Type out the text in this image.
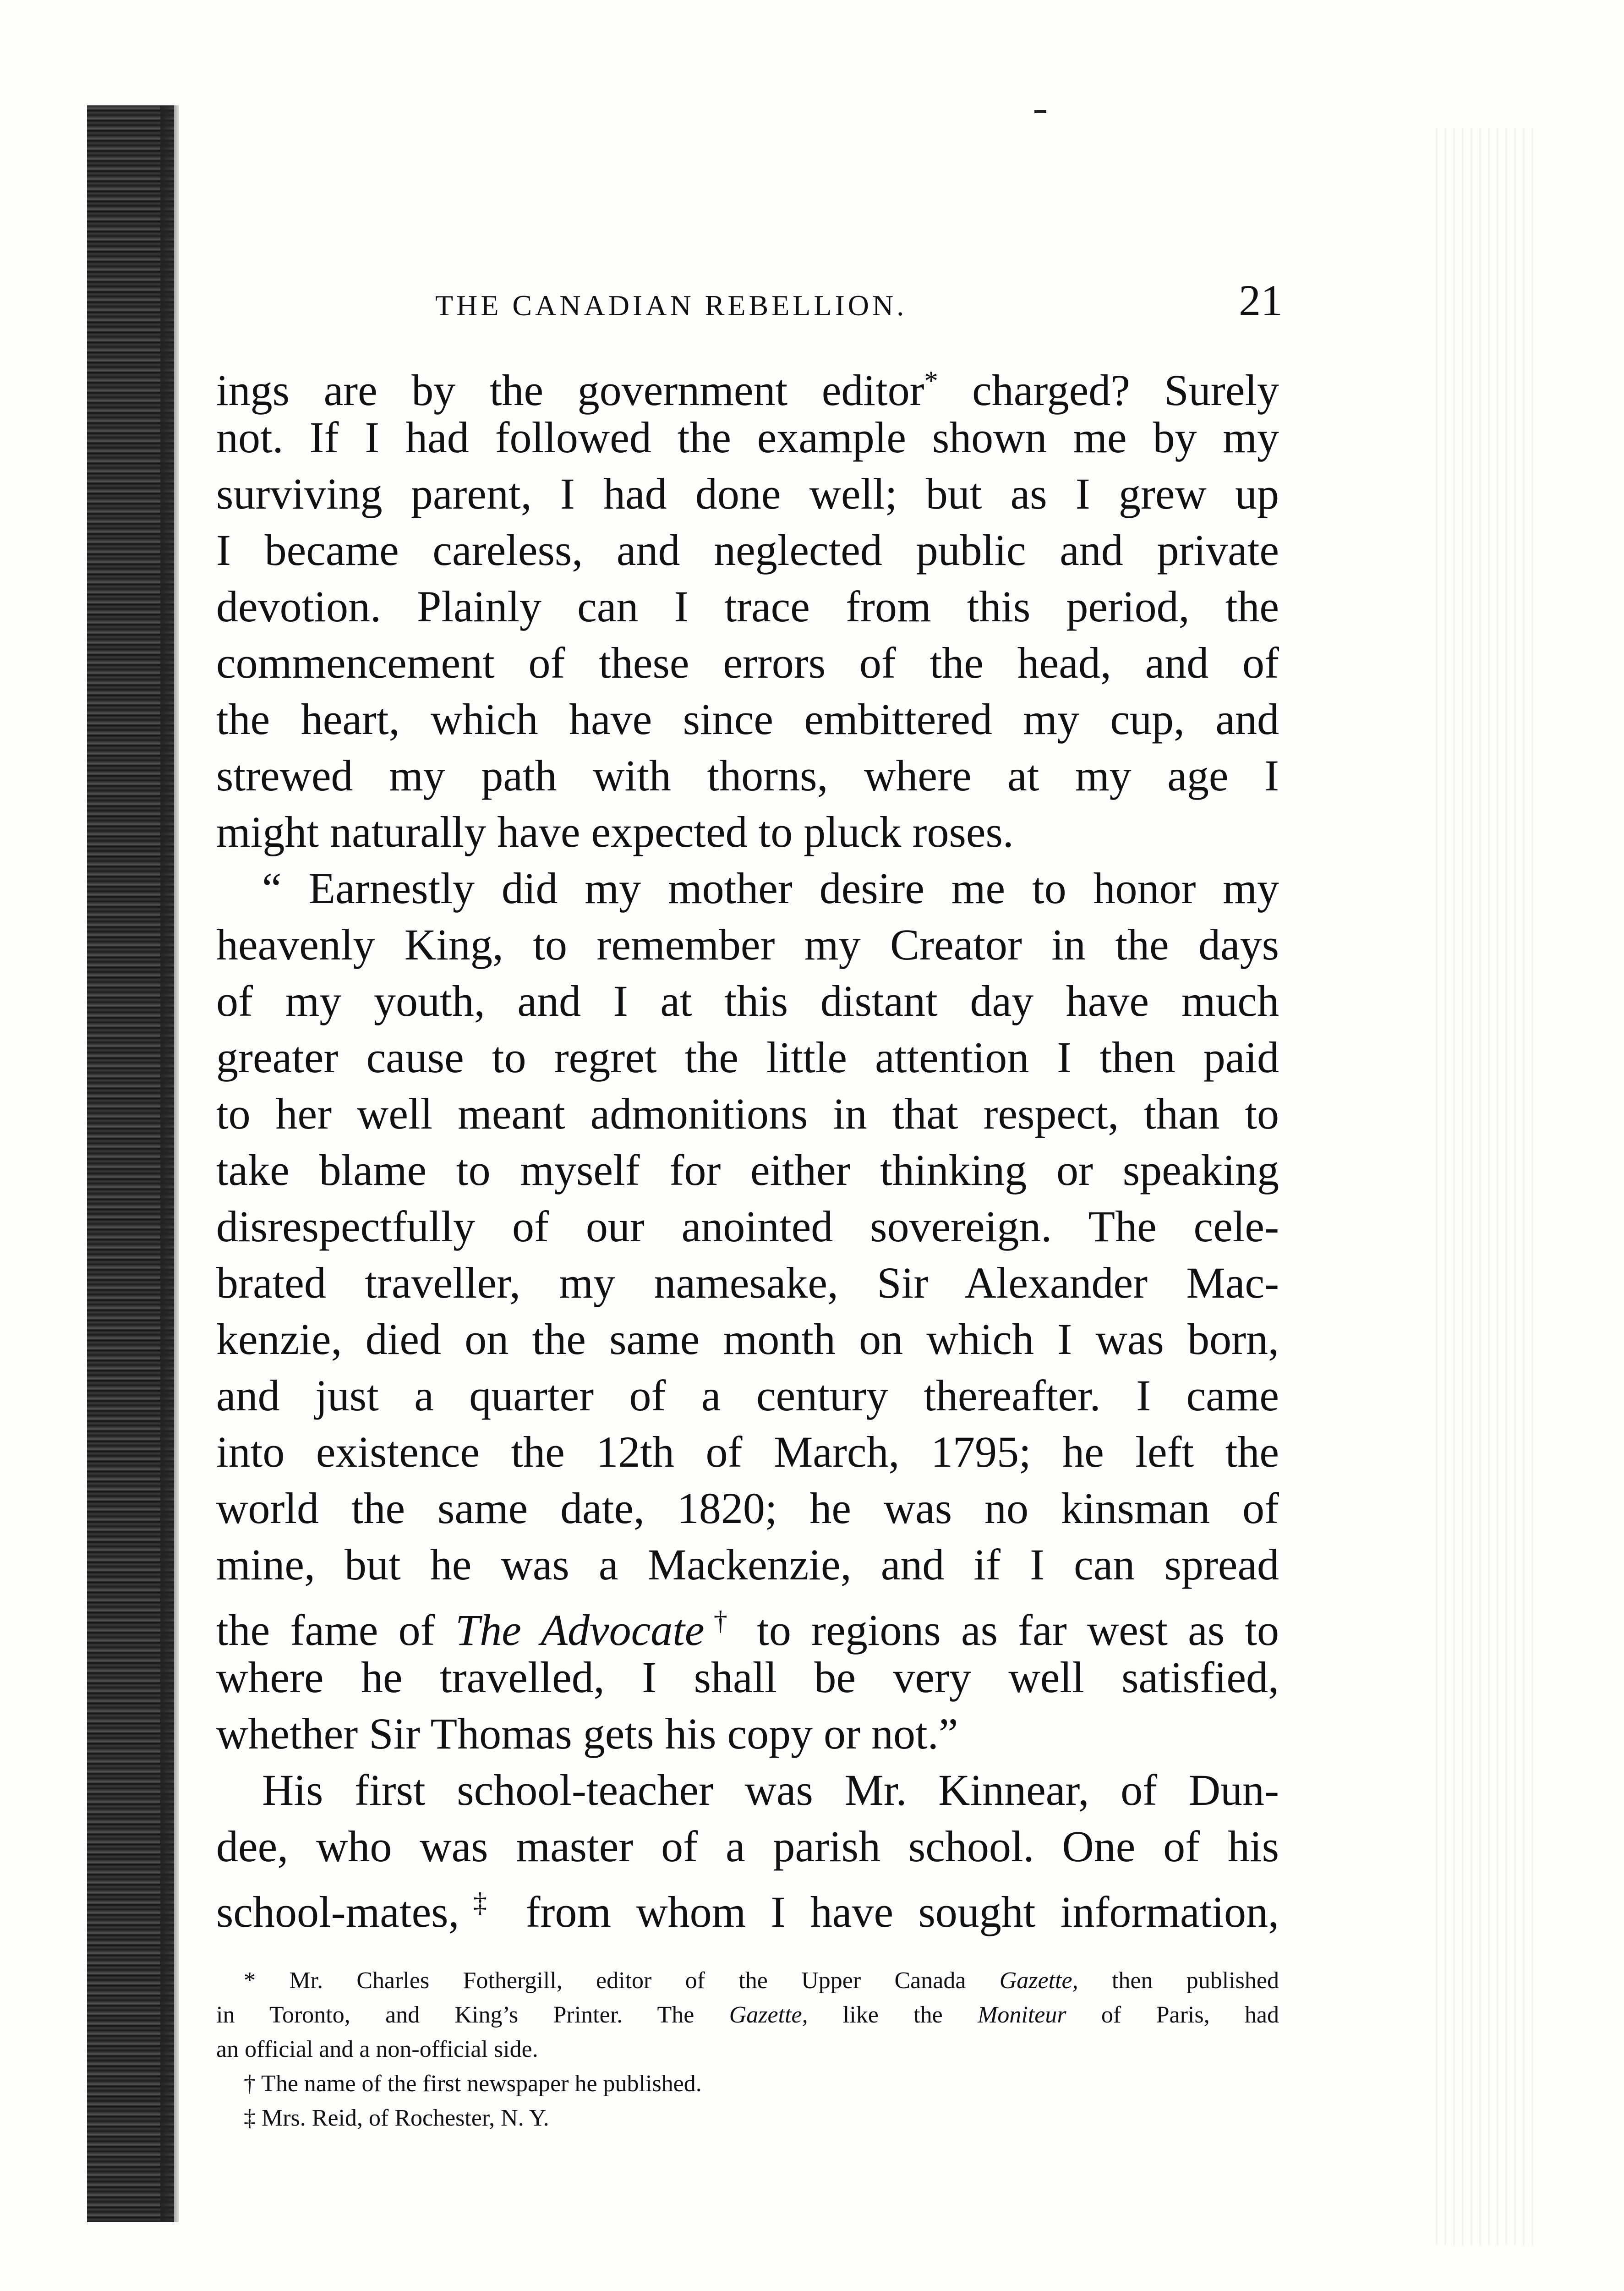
THE CANADIAN REBELLION.	21
ings are by the government editor* charged? Surely
not. If I had followed the example shown me by my
surviving parent, I had done well; but as I grew up
I became careless, and neglected public and private
devotion. Plainly can I trace from this period, the
commencement of these errors of the head, and of
the heart, which have since embittered my cup, and
strewed my path with thorns, where at my age I
might naturally have expected to pluck roses.
“ Earnestly did my mother desire me to honor my
heavenly King, to remember my Creator in the days
of my youth, and I at this distant day have much
greater cause to regret the little attention I then paid
to her well meant admonitions in that respect, than to
take blame to myself for either thinking or speaking
disrespectfully of our anointed sovereign. The cele-
brated traveller, my namesake, Sir Alexander Mac-
kenzie, died on the same month on which I was born,
and just a quarter of a century thereafter. I came
into existence the 12th of March, 1795; he left the
world the same date, 1820; he was no kinsman of
mine, but he was a Mackenzie, and if I can spread
the fame of The Advocate† to regions as far west as to
where he travelled, I shall be very well satisfied,
whether Sir Thomas gets his copy or not.”
His first school-teacher was Mr. Kinnear, of Dun-
dee, who was master of a parish school. One of his
school-mates,‡ from whom I have sought information,
* Mr. Charles Fothergill, editor of the Upper Canada Gazette, then published
in Toronto, and King’s Printer. The Gazette, like the Moniteur of Paris, had
an official and a non-official side.
† The name of the first newspaper he published.
‡ Mrs. Reid, of Rochester, N. Y.
